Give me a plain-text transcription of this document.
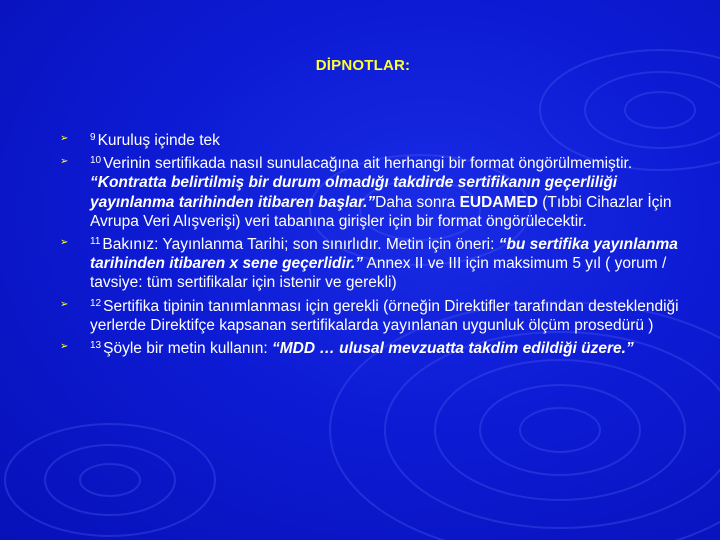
DİPNOTLAR:
➢ $^9$ Kuruluş içinde tek
➢ $^{10}$ Verinin sertifikada nasıl sunulacağına ait herhangi bir format öngörülmemiştir. “Kontratta belirtilmiş bir durum olmadığı takdirde sertifikanın geçerliliği yayınlanma tarihinden itibaren başlar.”Daha sonra EUDAMED (Tıbbi Cihazlar İçin Avrupa Veri Alışverişi) veri tabanına girişler için bir format öngörülecektir.
➢ $^{11}$ Bakınız: Yayınlanma Tarihi; son sınırlıdır. Metin için öneri: “bu sertifika yayınlanma tarihinden itibaren x sene geçerlidir.” Annex II ve III için maksimum 5 yıl ( yorum / tavsiye: tüm sertifikalar için istenir ve gerekli)
➢ $^{12}$ Sertifika tipinin tanımlanması için gerekli (örneğin Direktifler tarafından desteklendiği yerlerde Direktifçe kapsanan sertifikalarda yayınlanan uygunluk ölçüm prosedürü )
➢ $^{13}$ Şöyle bir metin kullanın: “MDD … ulusal mevzuatta takdim edildiği üzere.”
